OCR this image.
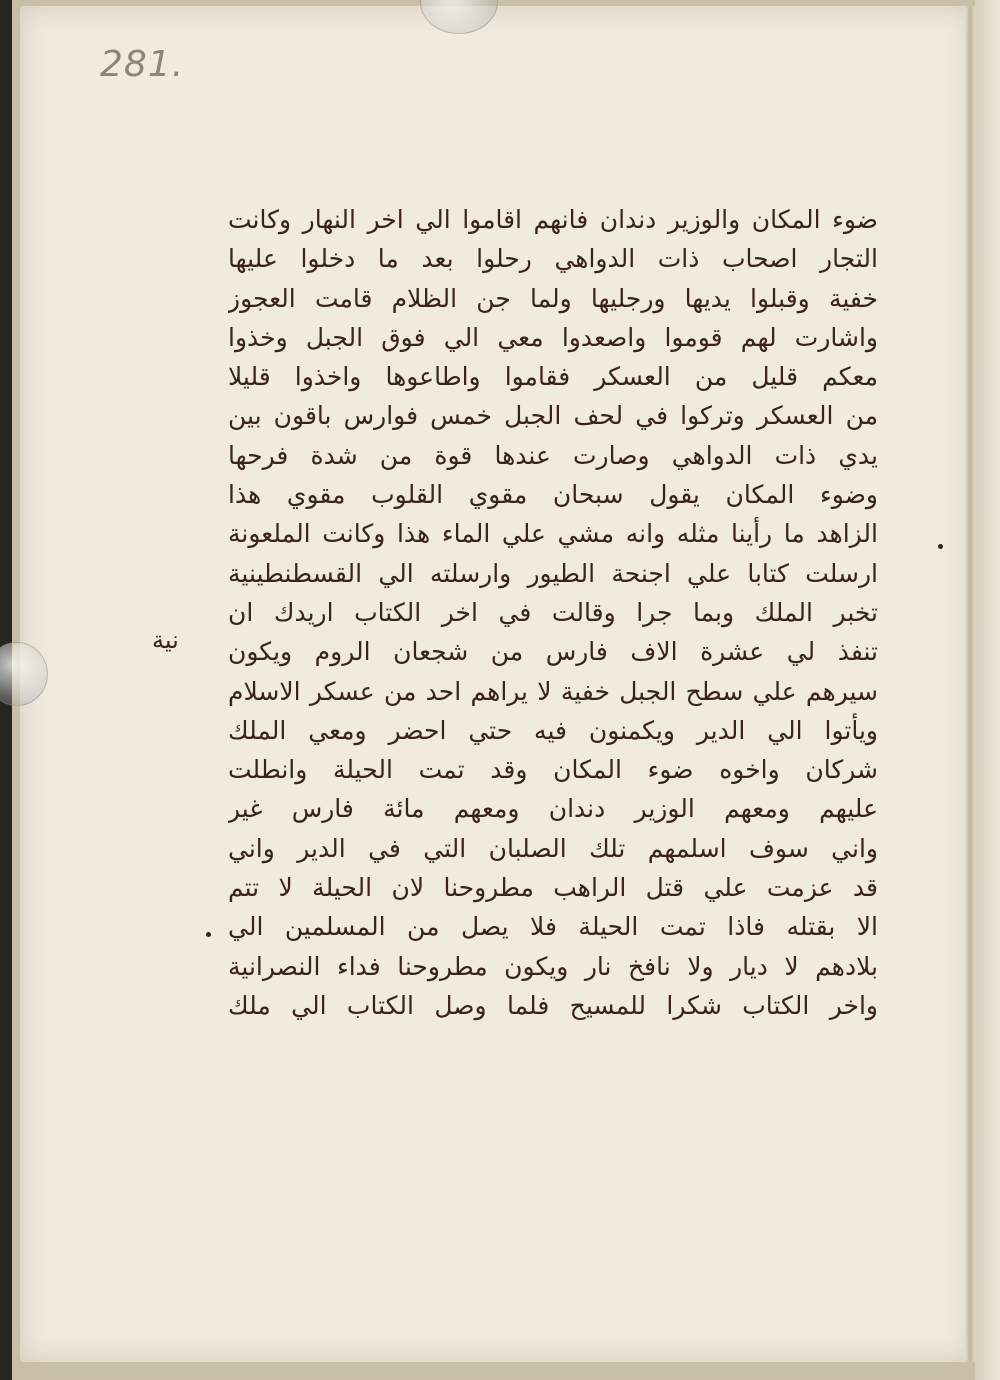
281.
نية
ضوء المكان والوزير دندان فانهم اقاموا الي اخر النهار وكانت
التجار اصحاب ذات الدواهي رحلوا بعد ما دخلوا عليها
خفية وقبلوا يديها ورجليها ولما جن الظلام قامت العجوز
واشارت لهم قوموا واصعدوا معي الي فوق الجبل وخذوا
معكم قليل من العسكر فقاموا واطاعوها واخذوا قليلا
من العسكر وتركوا في لحف الجبل خمس فوارس باقون بين
يدي ذات الدواهي وصارت عندها قوة من شدة فرحها
وضوء المكان يقول سبحان مقوي القلوب مقوي هذا
الزاهد ما رأينا مثله وانه مشي علي الماء هذا وكانت الملعونة
ارسلت كتابا علي اجنحة الطيور وارسلته الي القسطنطينية
تخبر الملك وبما جرا وقالت في اخر الكتاب اريدك ان
تنفذ لي عشرة الاف فارس من شجعان الروم ويكون
سيرهم علي سطح الجبل خفية لا يراهم احد من عسكر الاسلام
ويأتوا الي الدير ويكمنون فيه حتي احضر ومعي الملك
شركان واخوه ضوء المكان وقد تمت الحيلة وانطلت
عليهم ومعهم الوزير دندان ومعهم مائة فارس غير
واني سوف اسلمهم تلك الصلبان التي في الدير واني
قد عزمت علي قتل الراهب مطروحنا لان الحيلة لا تتم
الا بقتله فاذا تمت الحيلة فلا يصل من المسلمين الي
بلادهم لا ديار ولا نافخ نار ويكون مطروحنا فداء النصرانية
واخر الكتاب شكرا للمسيح فلما وصل الكتاب الي ملك
